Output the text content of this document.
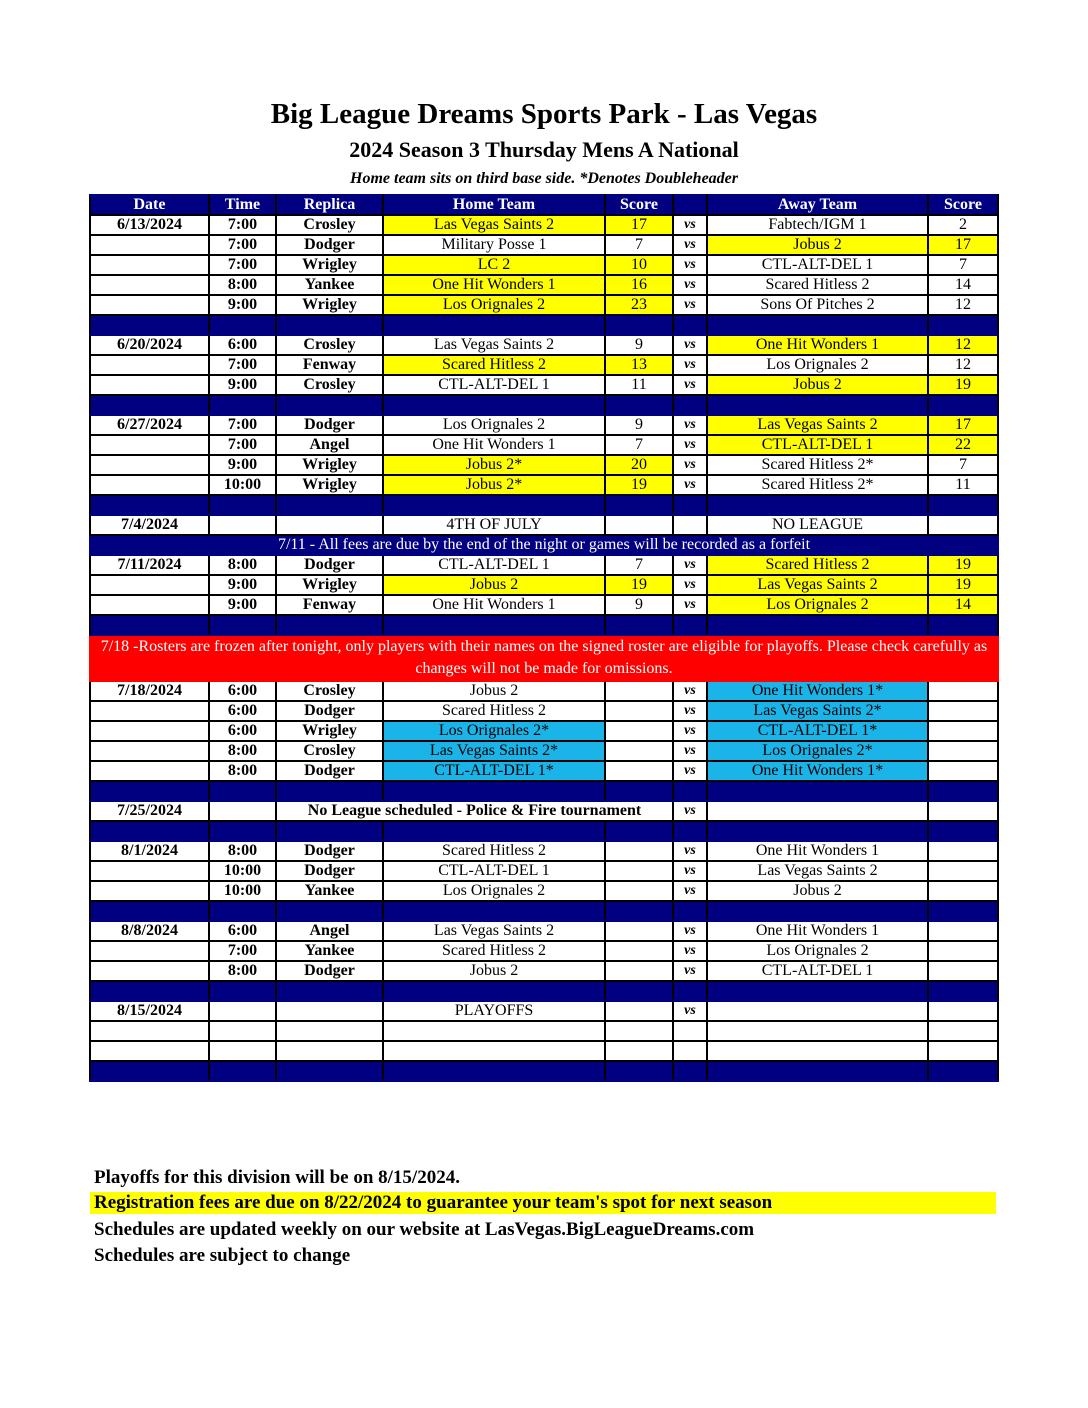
Big League Dreams Sports Park - Las Vegas
2024 Season 3 Thursday Mens A National
Home team sits on third base side. *Denotes Doubleheader
Date	Time	Replica	Home Team	Score		Away Team	Score
6/13/2024	7:00	Crosley	Las Vegas Saints 2	17	vs	Fabtech/IGM 1	2
	7:00	Dodger	Military Posse 1	7	vs	Jobus 2	17
	7:00	Wrigley	LC 2	10	vs	CTL-ALT-DEL 1	7
	8:00	Yankee	One Hit Wonders 1	16	vs	Scared Hitless 2	14
	9:00	Wrigley	Los Orignales 2	23	vs	Sons Of Pitches 2	12

6/20/2024	6:00	Crosley	Las Vegas Saints 2	9	vs	One Hit Wonders 1	12
	7:00	Fenway	Scared Hitless 2	13	vs	Los Orignales 2	12
	9:00	Crosley	CTL-ALT-DEL 1	11	vs	Jobus 2	19

6/27/2024	7:00	Dodger	Los Orignales 2	9	vs	Las Vegas Saints 2	17
	7:00	Angel	One Hit Wonders 1	7	vs	CTL-ALT-DEL 1	22
	9:00	Wrigley	Jobus 2*	20	vs	Scared Hitless 2*	7
	10:00	Wrigley	Jobus 2*	19	vs	Scared Hitless 2*	11

7/4/2024			4TH OF JULY			NO LEAGUE	
7/11 - All fees are due by the end of the night or games will be recorded as a forfeit							
7/11/2024	8:00	Dodger	CTL-ALT-DEL 1	7	vs	Scared Hitless 2	19
	9:00	Wrigley	Jobus 2	19	vs	Las Vegas Saints 2	19
	9:00	Fenway	One Hit Wonders 1	9	vs	Los Orignales 2	14

7/18 -Rosters are frozen after tonight, only players with their names on the signed roster are eligible for playoffs. Please check carefully as changes will not be made for omissions.							
7/18/2024	6:00	Crosley	Jobus 2		vs	One Hit Wonders 1*	
	6:00	Dodger	Scared Hitless 2		vs	Las Vegas Saints 2*	
	6:00	Wrigley	Los Orignales 2*		vs	CTL-ALT-DEL 1*	
	8:00	Crosley	Las Vegas Saints 2*		vs	Los Orignales 2*	
	8:00	Dodger	CTL-ALT-DEL 1*		vs	One Hit Wonders 1*	

7/25/2024		No League scheduled - Police & Fire tournament			vs		

8/1/2024	8:00	Dodger	Scared Hitless 2		vs	One Hit Wonders 1	
	10:00	Dodger	CTL-ALT-DEL 1		vs	Las Vegas Saints 2	
	10:00	Yankee	Los Orignales 2		vs	Jobus 2	

8/8/2024	6:00	Angel	Las Vegas Saints 2		vs	One Hit Wonders 1	
	7:00	Yankee	Scared Hitless 2		vs	Los Orignales 2	
	8:00	Dodger	Jobus 2		vs	CTL-ALT-DEL 1	

8/15/2024			PLAYOFFS		vs		

Playoffs for this division will be on 8/15/2024.
Registration fees are due on 8/22/2024 to guarantee your team's spot for next season
Schedules are updated weekly on our website at LasVegas.BigLeagueDreams.com
Schedules are subject to change
